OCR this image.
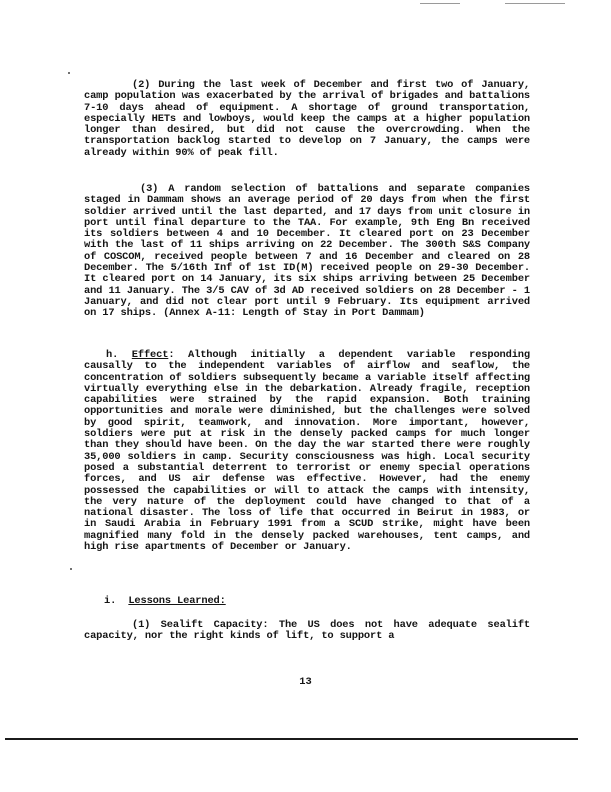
(2) During the last week of December and first two of January, camp population was exacerbated by the arrival of brigades and battalions 7-10 days ahead of equipment. A shortage of ground transportation, especially HETs and lowboys, would keep the camps at a higher population longer than desired, but did not cause the overcrowding. When the transportation backlog started to develop on 7 January, the camps were already within 90% of peak fill.

(3) A random selection of battalions and separate companies staged in Dammam shows an average period of 20 days from when the first soldier arrived until the last departed, and 17 days from unit closure in port until final departure to the TAA. For example, 9th Eng Bn received its soldiers between 4 and 10 December. It cleared port on 23 December with the last of 11 ships arriving on 22 December. The 300th S&S Company of COSCOM, received people between 7 and 16 December and cleared on 28 December. The 5/16th Inf of 1st ID(M) received people on 29-30 December. It cleared port on 14 January, its six ships arriving between 25 December and 11 January. The 3/5 CAV of 3d AD received soldiers on 28 December - 1 January, and did not clear port until 9 February. Its equipment arrived on 17 ships. (Annex A-11: Length of Stay in Port Dammam)

h. Effect: Although initially a dependent variable responding causally to the independent variables of airflow and seaflow, the concentration of soldiers subsequently became a variable itself affecting virtually everything else in the debarkation. Already fragile, reception capabilities were strained by the rapid expansion. Both training opportunities and morale were diminished, but the challenges were solved by good spirit, teamwork, and innovation. More important, however, soldiers were put at risk in the densely packed camps for much longer than they should have been. On the day the war started there were roughly 35,000 soldiers in camp. Security consciousness was high. Local security posed a substantial deterrent to terrorist or enemy special operations forces, and US air defense was effective. However, had the enemy possessed the capabilities or will to attack the camps with intensity, the very nature of the deployment could have changed to that of a national disaster. The loss of life that occurred in Beirut in 1983, or in Saudi Arabia in February 1991 from a SCUD strike, might have been magnified many fold in the densely packed warehouses, tent camps, and high rise apartments of December or January.

i. Lessons Learned:

(1) Sealift Capacity: The US does not have adequate sealift capacity, nor the right kinds of lift, to support a

13
